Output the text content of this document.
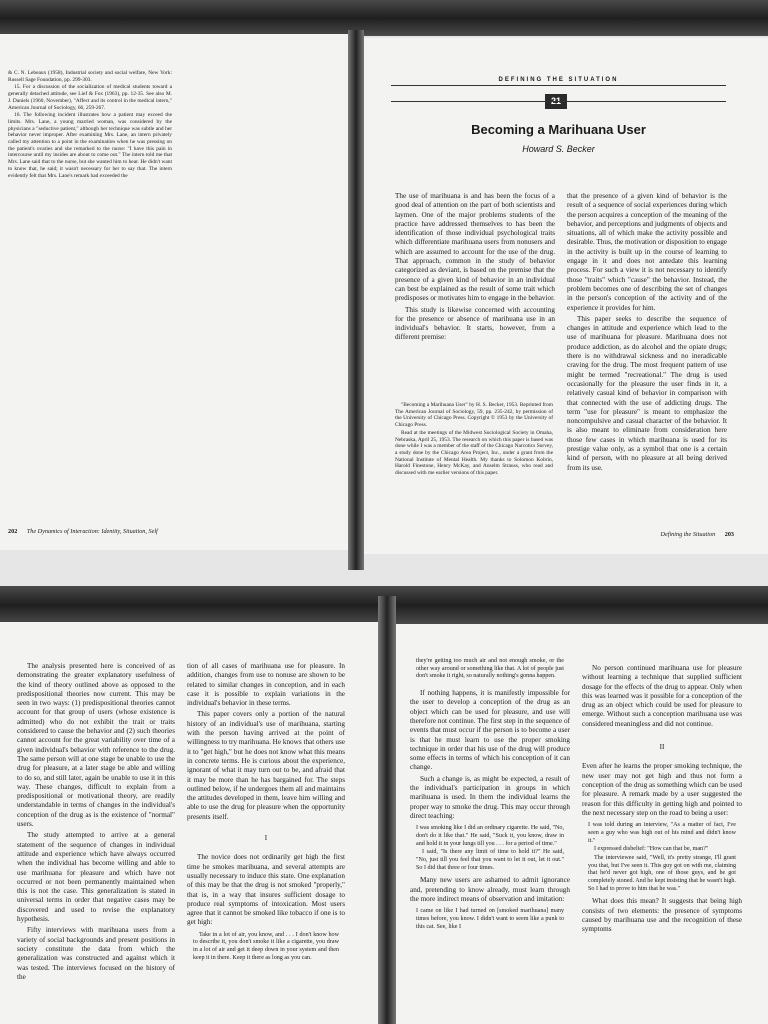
& C. N. Lebeaux (1958), Industrial society and social welfare, New York: Russell Sage Foundation, pp. 299-303.

15. For a discussion of the socialization of medical students toward a generally detached attitude, see Lief & Fox (1963), pp. 12-35. See also M. J. Daniels (1960, November), "Affect and its control in the medical intern," American Journal of Sociology, 66, 259-267.

16. The following incident illustrates how a patient may exceed the limits. Mrs. Lane, a young married woman, was considered by the physicians a "seductive patient," although her technique was subtle and her behavior never improper. After examining Mrs. Lane, an intern privately called my attention to a point in the examination when he was pressing on the patient's ovaries and she remarked to the nurse: "I have this pain in intercourse until my insides are about to come out." The intern told me that Mrs. Lane said that to the nurse, but she wanted him to hear. He didn't want to know that, he said; it wasn't necessary for her to say that. The intern evidently felt that Mrs. Lane's remark had exceeded the

202 The Dynamics of Interaction: Identity, Situation, Self
DEFINING THE SITUATION
21
Becoming a Marihuana User
Howard S. Becker

The use of marihuana is and has been the focus of a good deal of attention on the part of both scientists and laymen. One of the major problems students of the practice have addressed themselves to has been the identification of those individual psychological traits which differentiate marihuana users from nonusers and which are assumed to account for the use of the drug. That approach, common in the study of behavior categorized as deviant, is based on the premise that the presence of a given kind of behavior in an individual can best be explained as the result of some trait which predisposes or motivates him to engage in the behavior.

This study is likewise concerned with accounting for the presence or absence of marihuana use in an individual's behavior. It starts, however, from a different premise:

"Becoming a Marihuana User" by H. S. Becker, 1953. Reprinted from The American Journal of Sociology, 59, pp. 235-242, by permission of the University of Chicago Press. Copyright © 1953 by the University of Chicago Press.

Read at the meetings of the Midwest Sociological Society in Omaha, Nebraska, April 25, 1953. The research on which this paper is based was done while I was a member of the staff of the Chicago Narcotics Survey, a study done by the Chicago Area Project, Inc., under a grant from the National Institute of Mental Health. My thanks to Solomon Kobrin, Harold Finestone, Henry McKay, and Anselm Strauss, who read and discussed with me earlier versions of this paper.

that the presence of a given kind of behavior is the result of a sequence of social experiences during which the person acquires a conception of the meaning of the behavior, and perceptions and judgments of objects and situations, all of which make the activity possible and desirable. Thus, the motivation or disposition to engage in the activity is built up in the course of learning to engage in it and does not antedate this learning process. For such a view it is not necessary to identify those "traits" which "cause" the behavior. Instead, the problem becomes one of describing the set of changes in the person's conception of the activity and of the experience it provides for him.

This paper seeks to describe the sequence of changes in attitude and experience which lead to the use of marihuana for pleasure. Marihuana does not produce addiction, as do alcohol and the opiate drugs; there is no withdrawal sickness and no ineradicable craving for the drug. The most frequent pattern of use might be termed "recreational." The drug is used occasionally for the pleasure the user finds in it, a relatively casual kind of behavior in comparison with that connected with the use of addicting drugs. The term "use for pleasure" is meant to emphasize the noncompulsive and casual character of the behavior. It is also meant to eliminate from consideration here those few cases in which marihuana is used for its prestige value only, as a symbol that one is a certain kind of person, with no pleasure at all being derived from its use.

Defining the Situation 203

The analysis presented here is conceived of as demonstrating the greater explanatory usefulness of the kind of theory outlined above as opposed to the predispositional theories now current. This may be seen in two ways: (1) predispositional theories cannot account for that group of users (whose existence is admitted) who do not exhibit the trait or traits considered to cause the behavior and (2) such theories cannot account for the great variability over time of a given individual's behavior with reference to the drug. The same person will at one stage be unable to use the drug for pleasure, at a later stage be able and willing to do so, and still later, again be unable to use it in this way. These changes, difficult to explain from a predispositional or motivational theory, are readily understandable in terms of changes in the individual's conception of the drug as is the existence of "normal" users.

The study attempted to arrive at a general statement of the sequence of changes in individual attitude and experience which have always occurred when the individual has become willing and able to use marihuana for pleasure and which have not occurred or not been permanently maintained when this is not the case. This generalization is stated in universal terms in order that negative cases may be discovered and used to revise the explanatory hypothesis.

Fifty interviews with marihuana users from a variety of social backgrounds and present positions in society constitute the data from which the generalization was constructed and against which it was tested. The interviews focused on the history of the

tion of all cases of marihuana use for pleasure. In addition, changes from use to nonuse are shown to be related to similar changes in conception, and in each case it is possible to explain variations in the individual's behavior in these terms.

This paper covers only a portion of the natural history of an individual's use of marihuana, starting with the person having arrived at the point of willingness to try marihuana. He knows that others use it to "get high," but he does not know what this means in concrete terms. He is curious about the experience, ignorant of what it may turn out to be, and afraid that it may be more than he has bargained for. The steps outlined below, if he undergoes them all and maintains the attitudes developed in them, leave him willing and able to use the drug for pleasure when the opportunity presents itself.

I

The novice does not ordinarily get high the first time he smokes marihuana, and several attempts are usually necessary to induce this state. One explanation of this may be that the drug is not smoked "properly," that is, in a way that insures sufficient dosage to produce real symptoms of intoxication. Most users agree that it cannot be smoked like tobacco if one is to get high:

Take in a lot of air, you know, and . . . I don't know how to describe it, you don't smoke it like a cigarette, you draw in a lot of air and get it deep down in your system and then keep it in there. Keep it there as long as you can.

they're getting too much air and not enough smoke, or the other way around or something like that. A lot of people just don't smoke it right, so naturally nothing's gonna happen.

If nothing happens, it is manifestly impossible for the user to develop a conception of the drug as an object which can be used for pleasure, and use will therefore not continue. The first step in the sequence of events that must occur if the person is to become a user is that he must learn to use the proper smoking technique in order that his use of the drug will produce some effects in terms of which his conception of it can change.

Such a change is, as might be expected, a result of the individual's participation in groups in which marihuana is used. In them the individual learns the proper way to smoke the drug. This may occur through direct teaching:

I was smoking like I did an ordinary cigarette. He said, "No, don't do it like that." He said, "Suck it, you know, draw in and hold it in your lungs till you . . . for a period of time."

I said, "Is there any limit of time to hold it?" He said, "No, just till you feel that you want to let it out, let it out." So I did that three or four times.

Many new users are ashamed to admit ignorance and, pretending to know already, must learn through the more indirect means of observation and imitation:

I came on like I had turned on [smoked marihuana] many times before, you know. I didn't want to seem like a punk to this cat. See, like I

No person continued marihuana use for pleasure without learning a technique that supplied sufficient dosage for the effects of the drug to appear. Only when this was learned was it possible for a conception of the drug as an object which could be used for pleasure to emerge. Without such a conception marihuana use was considered meaningless and did not continue.

II

Even after he learns the proper smoking technique, the new user may not get high and thus not form a conception of the drug as something which can be used for pleasure. A remark made by a user suggested the reason for this difficulty in getting high and pointed to the next necessary step on the road to being a user:

I was told during an interview, "As a matter of fact, I've seen a guy who was high out of his mind and didn't know it."

I expressed disbelief: "How can that be, man?"

The interviewee said, "Well, it's pretty strange, I'll grant you that, but I've seen it. This guy got on with me, claiming that he'd never got high, one of those guys, and he got completely stoned. And he kept insisting that he wasn't high. So I had to prove to him that he was."

What does this mean? It suggests that being high consists of two elements: the presence of symptoms caused by marihuana use and the recognition of these symptoms
